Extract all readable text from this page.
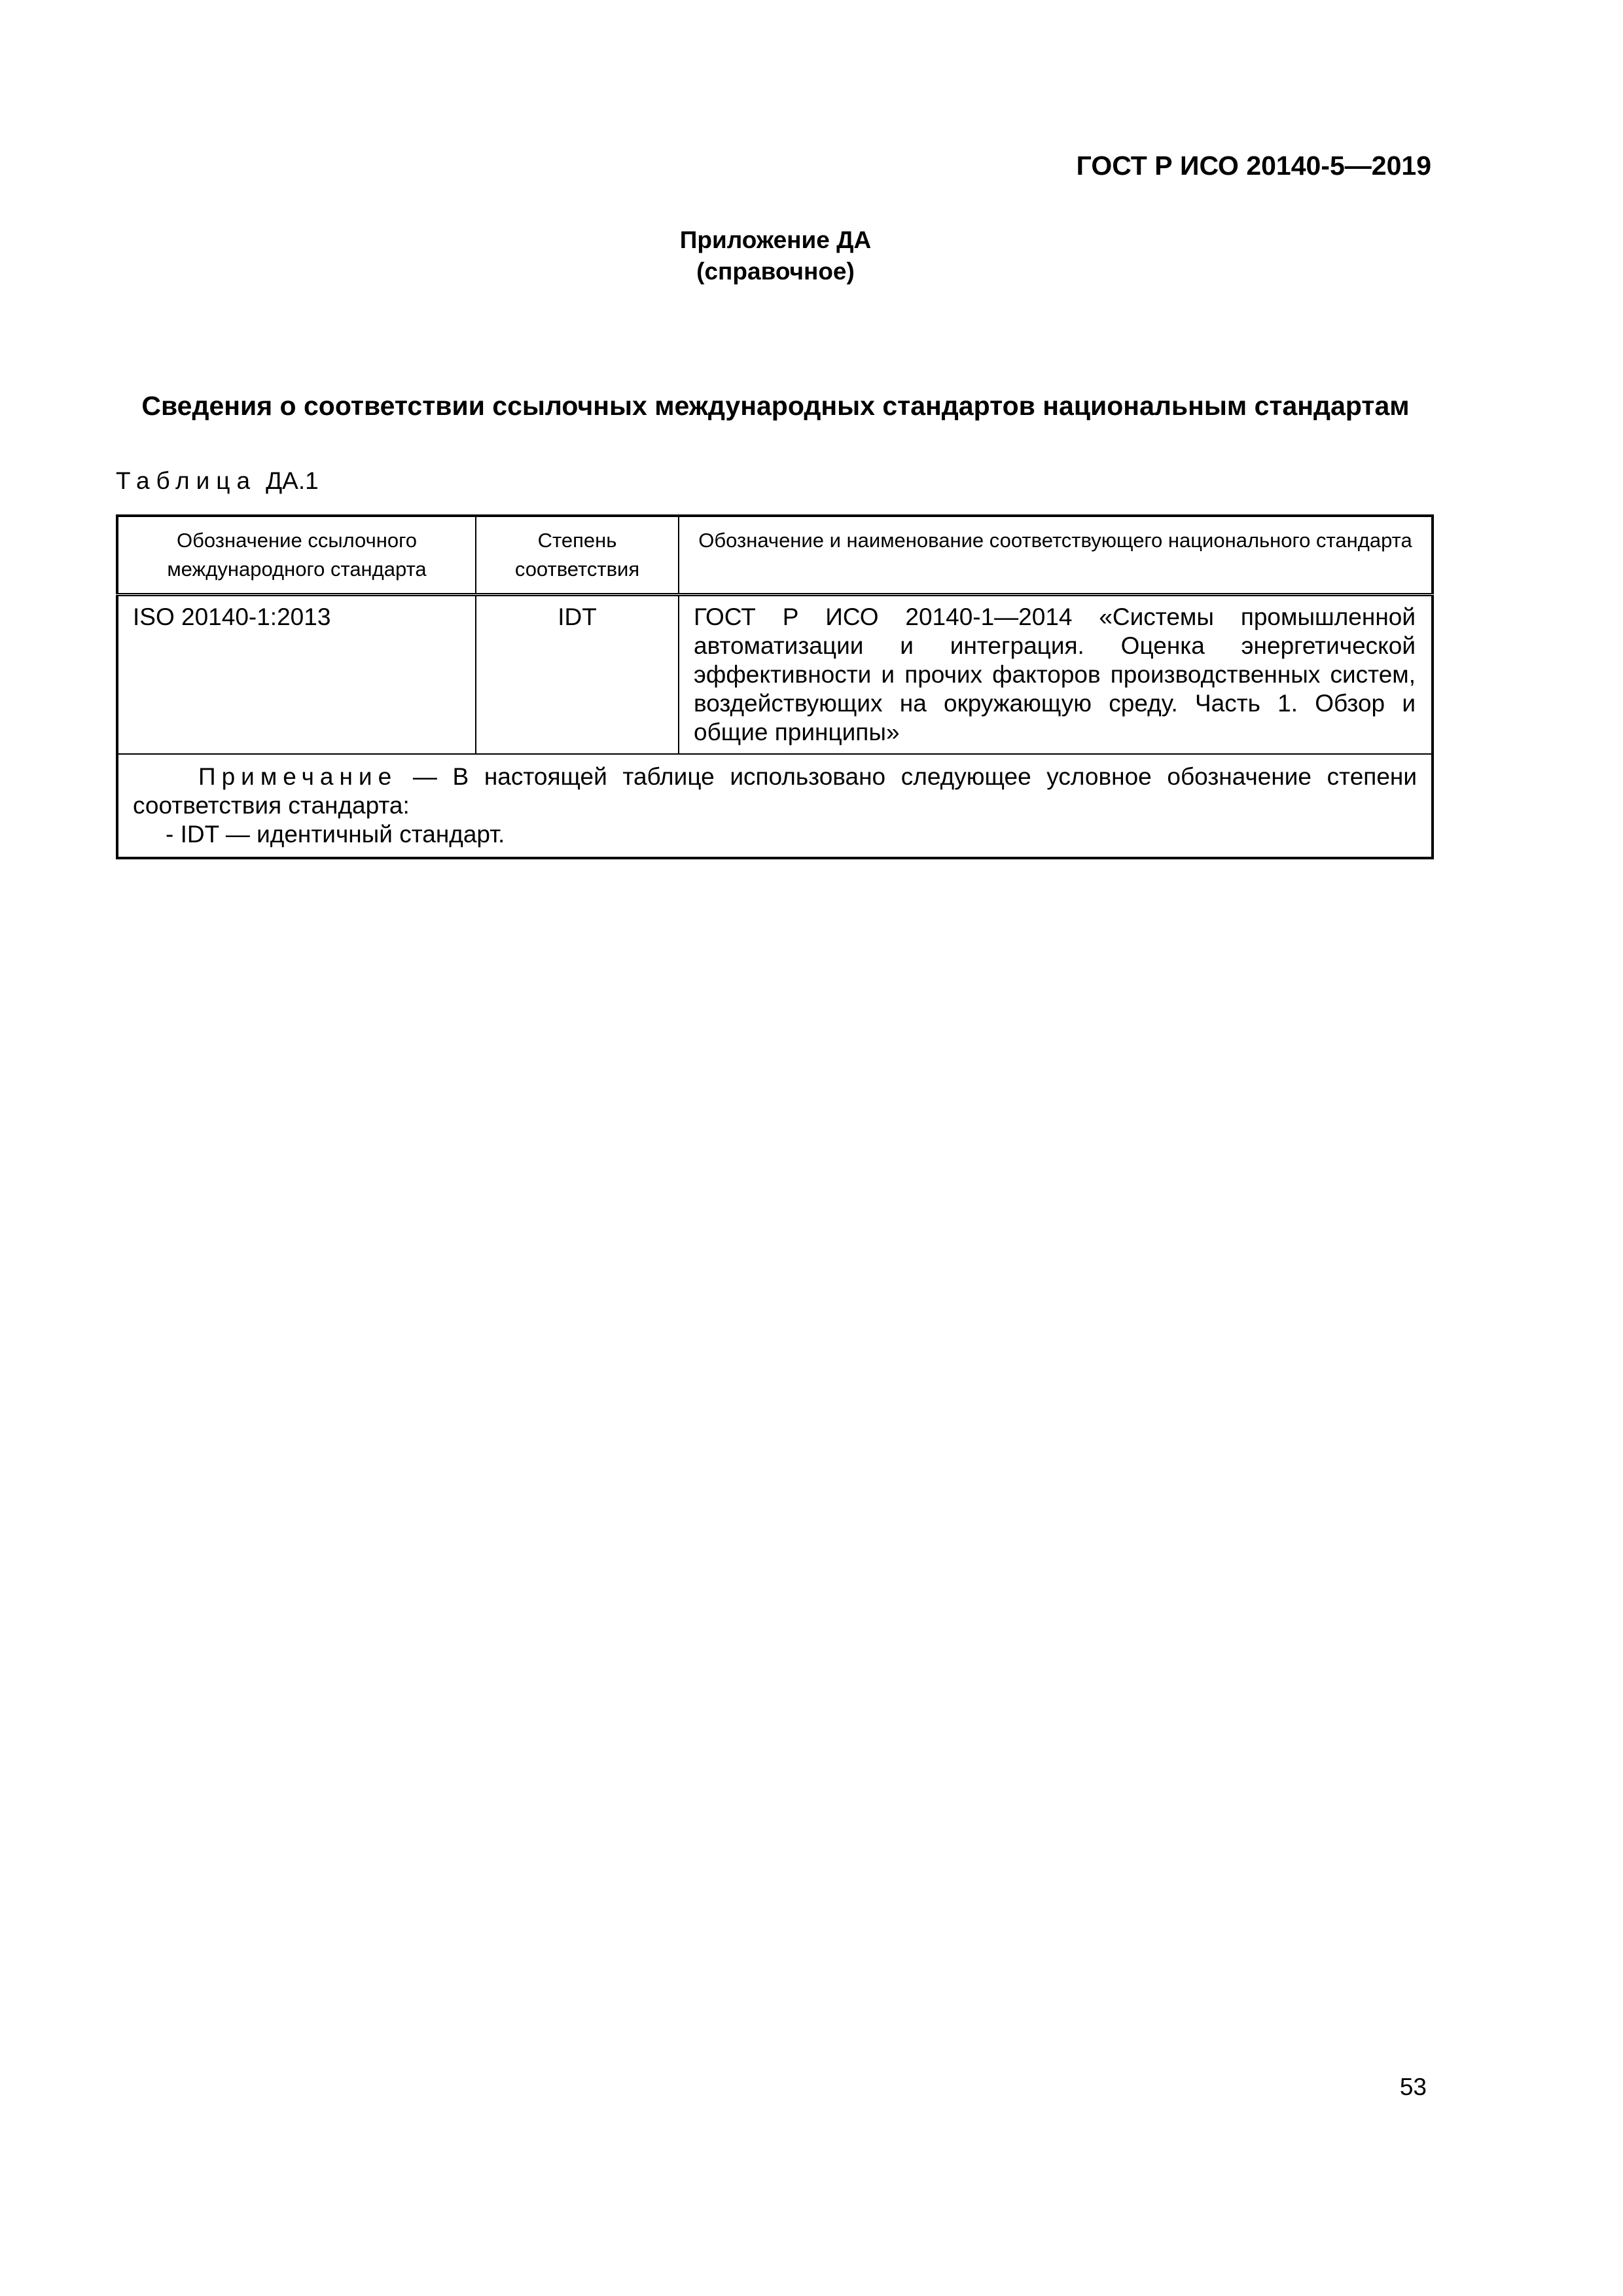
ГОСТ Р ИСО 20140-5—2019
Приложение ДА
(справочное)
Сведения о соответствии ссылочных международных стандартов национальным стандартам
Таблица ДА.1
Обозначение ссылочного международного стандарта	Степень соответствия	Обозначение и наименование соответствующего национального стандарта
ISO 20140-1:2013	IDT	ГОСТ Р ИСО 20140-1—2014 «Системы промышленной автоматизации и интеграция. Оценка энергетической эффективности и прочих факторов производственных систем, воздействующих на окружающую среду. Часть 1. Обзор и общие принципы»

Примечание — В настоящей таблице использовано следующее условное обозначение степени соответствия стандарта:

- IDT — идентичный стандарт.		

53
